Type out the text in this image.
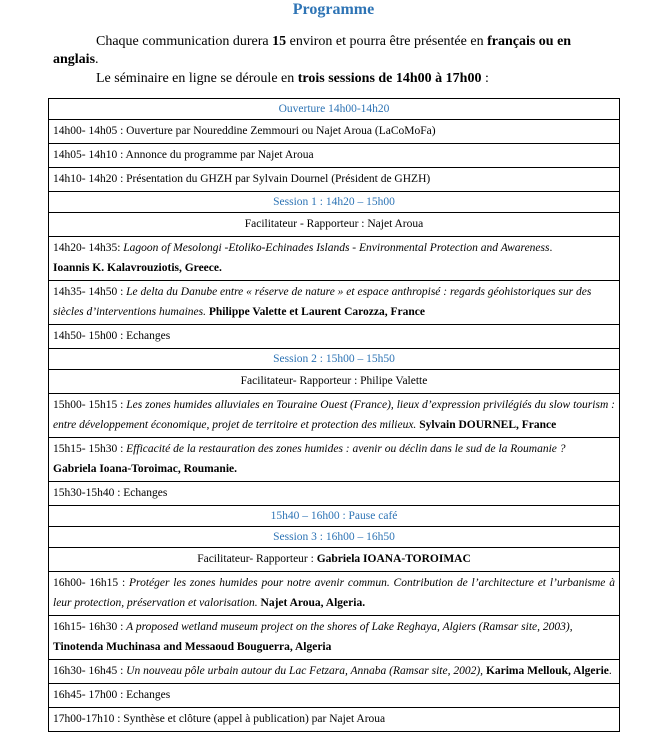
Programme
Chaque communication durera 15 environ et pourra être présentée en français ou en
anglais.
Le séminaire en ligne se déroule en trois sessions de 14h00 à 17h00 :
Ouverture 14h00-14h20
14h00- 14h05 : Ouverture par Noureddine Zemmouri ou Najet Aroua (LaCoMoFa)
14h05- 14h10 : Annonce du programme par Najet Aroua
14h10- 14h20 : Présentation du GHZH par Sylvain Dournel (Président de GHZH)
Session 1 : 14h20 – 15h00
Facilitateur - Rapporteur : Najet Aroua
14h20- 14h35: Lagoon of Mesolongi -Etoliko-Echinades Islands - Environmental Protection and Awareness.
Ioannis K. Kalavrouziotis, Greece.
14h35- 14h50 : Le delta du Danube entre « réserve de nature » et espace anthropisé : regards géohistoriques sur des siècles d’interventions humaines. Philippe Valette et Laurent Carozza, France
14h50- 15h00 : Echanges
Session 2 : 15h00 – 15h50
Facilitateur- Rapporteur : Philipe Valette
15h00- 15h15 : Les zones humides alluviales en Touraine Ouest (France), lieux d’expression privilégiés du slow tourism : entre développement économique, projet de territoire et protection des milieux. Sylvain DOURNEL, France
15h15- 15h30 : Efficacité de la restauration des zones humides : avenir ou déclin dans le sud de la Roumanie ?
Gabriela Ioana-Toroimac, Roumanie.
15h30-15h40 : Echanges
15h40 – 16h00 : Pause café
Session 3 : 16h00 – 16h50
Facilitateur- Rapporteur : Gabriela IOANA-TOROIMAC
16h00- 16h15 : Protéger les zones humides pour notre avenir commun. Contribution de l’architecture et l’urbanisme à leur protection, préservation et valorisation. Najet Aroua, Algeria.
16h15- 16h30 : A proposed wetland museum project on the shores of Lake Reghaya, Algiers (Ramsar site, 2003),
Tinotenda Muchinasa and Messaoud Bouguerra, Algeria
16h30- 16h45 : Un nouveau pôle urbain autour du Lac Fetzara, Annaba (Ramsar site, 2002), Karima Mellouk, Algerie.
16h45- 17h00 : Echanges
17h00-17h10 : Synthèse et clôture (appel à publication) par Najet Aroua
